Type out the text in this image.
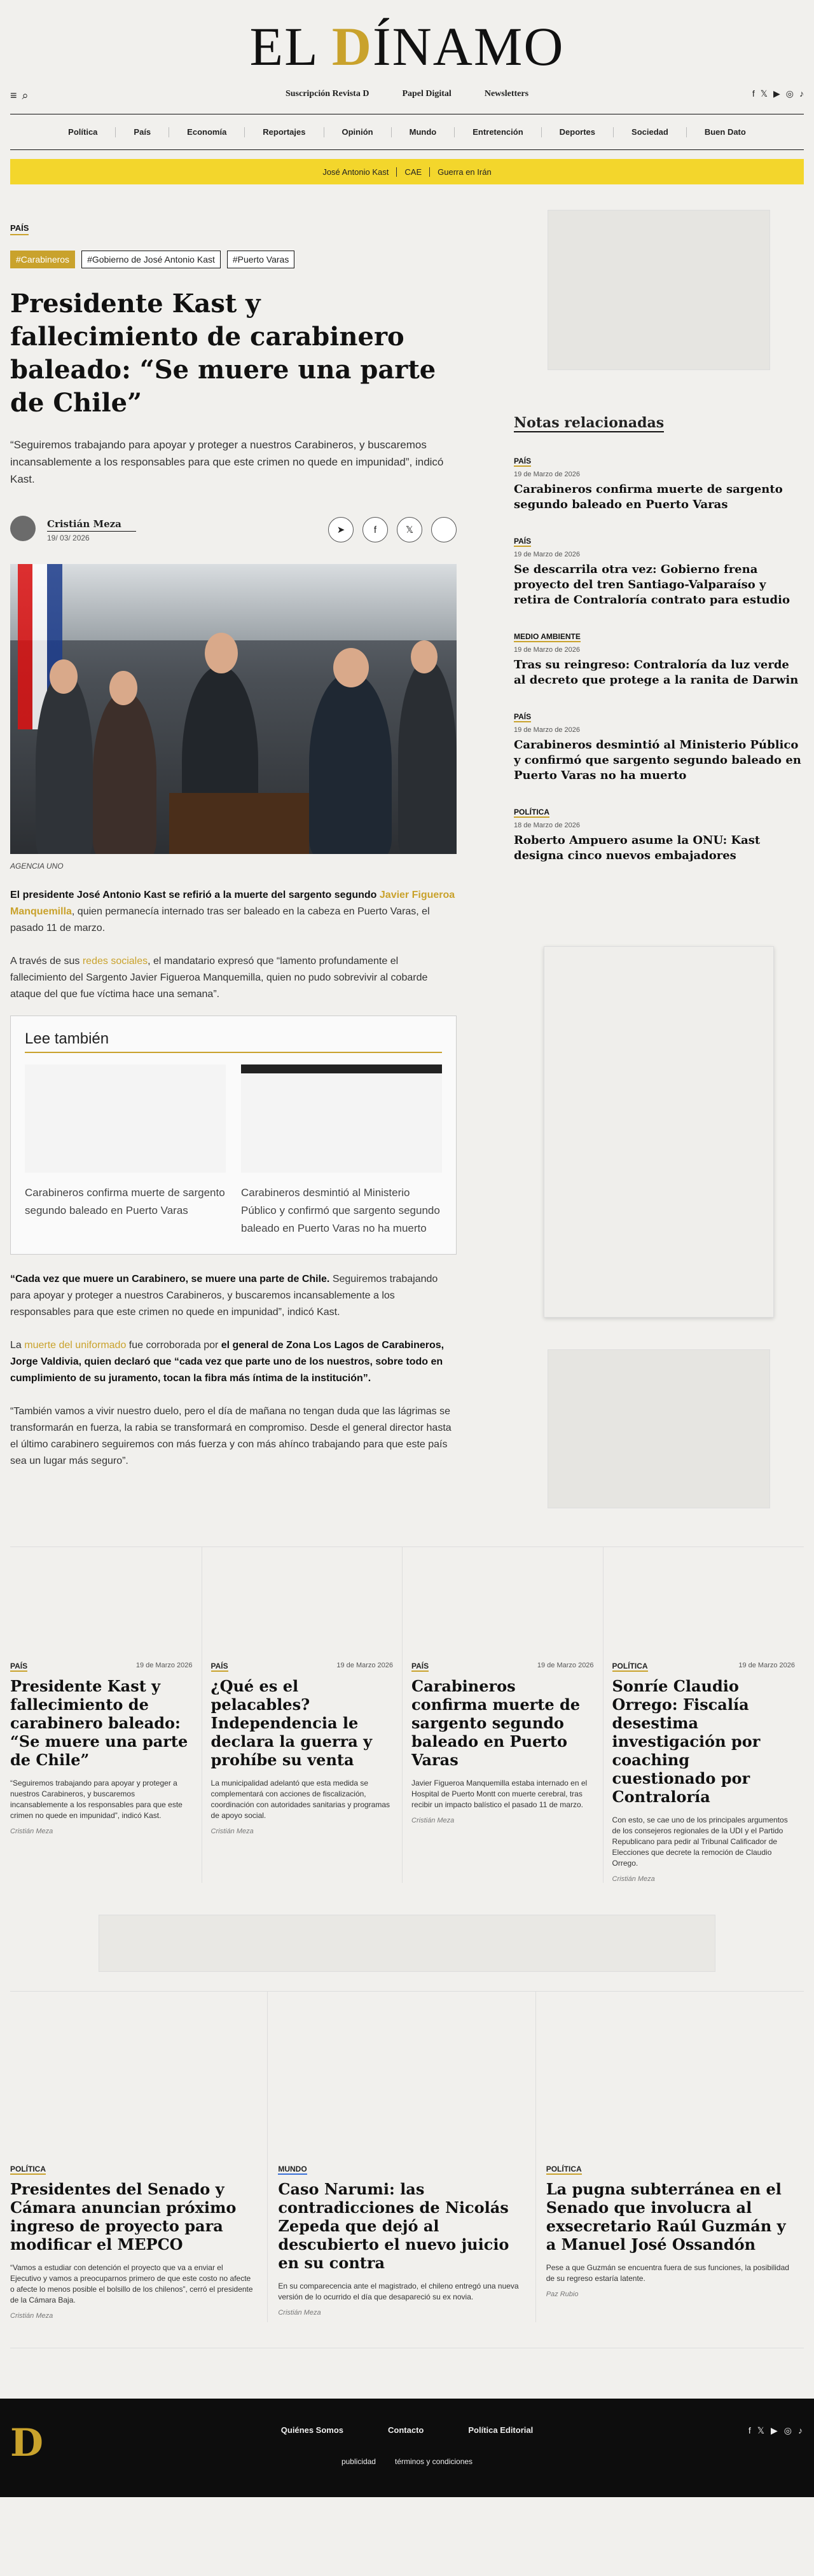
EL DÍNAMO
≡ ⌕	Suscripción Revista D	Papel Digital	Newsletters	f 𝕏 ▶ ◎ ♪
Política	País	Economía	Reportajes	Opinión	Mundo	Entretención	Deportes	Sociedad	Buen Dato
José Antonio Kast	CAE	Guerra en Irán
PAÍS
#Carabineros	#Gobierno de José Antonio Kast	#Puerto Varas
Presidente Kast y fallecimiento de carabinero baleado: “Se muere una parte de Chile”

“Seguiremos trabajando para apoyar y proteger a nuestros Carabineros, y buscaremos incansablemente a los responsables para que este crimen no quede en impunidad”, indicó Kast.

Cristián Meza
19/ 03/ 2026
➤	f	𝕏
AGENCIA UNO

El presidente José Antonio Kast se refirió a la muerte del sargento segundo Javier Figueroa Manquemilla, quien permanecía internado tras ser baleado en la cabeza en Puerto Varas, el pasado 11 de marzo.

A través de sus redes sociales, el mandatario expresó que “lamento profundamente el fallecimiento del Sargento Javier Figueroa Manquemilla, quien no pudo sobrevivir al cobarde ataque del que fue víctima hace una semana”.

Lee también

Carabineros confirma muerte de sargento segundo baleado en Puerto Varas

Carabineros desmintió al Ministerio Público y confirmó que sargento segundo baleado en Puerto Varas no ha muerto

“Cada vez que muere un Carabinero, se muere una parte de Chile. Seguiremos trabajando para apoyar y proteger a nuestros Carabineros, y buscaremos incansablemente a los responsables para que este crimen no quede en impunidad”, indicó Kast.

La muerte del uniformado fue corroborada por el general de Zona Los Lagos de Carabineros, Jorge Valdivia, quien declaró que “cada vez que parte uno de los nuestros, sobre todo en cumplimiento de su juramento, tocan la fibra más íntima de la institución”.

“También vamos a vivir nuestro duelo, pero el día de mañana no tengan duda que las lágrimas se transformarán en fuerza, la rabia se transformará en compromiso. Desde el general director hasta el último carabinero seguiremos con más fuerza y con más ahínco trabajando para que este país sea un lugar más seguro”.

Notas relacionadas
PAÍS
19 de Marzo de 2026
Carabineros confirma muerte de sargento segundo baleado en Puerto Varas
PAÍS
19 de Marzo de 2026
Se descarrila otra vez: Gobierno frena proyecto del tren Santiago-Valparaíso y retira de Contraloría contrato para estudio
MEDIO AMBIENTE
19 de Marzo de 2026
Tras su reingreso: Contraloría da luz verde al decreto que protege a la ranita de Darwin
PAÍS
19 de Marzo de 2026
Carabineros desmintió al Ministerio Público y confirmó que sargento segundo baleado en Puerto Varas no ha muerto
POLÍTICA
18 de Marzo de 2026
Roberto Ampuero asume la ONU: Kast designa cinco nuevos embajadores
PAÍS	19 de Marzo 2026
Presidente Kast y fallecimiento de carabinero baleado: “Se muere una parte de Chile”

“Seguiremos trabajando para apoyar y proteger a nuestros Carabineros, y buscaremos incansablemente a los responsables para que este crimen no quede en impunidad”, indicó Kast.

Cristián Meza
PAÍS	19 de Marzo 2026
¿Qué es el pelacables? Independencia le declara la guerra y prohíbe su venta

La municipalidad adelantó que esta medida se complementará con acciones de fiscalización, coordinación con autoridades sanitarias y programas de apoyo social.

Cristián Meza
PAÍS	19 de Marzo 2026
Carabineros confirma muerte de sargento segundo baleado en Puerto Varas

Javier Figueroa Manquemilla estaba internado en el Hospital de Puerto Montt con muerte cerebral, tras recibir un impacto balístico el pasado 11 de marzo.

Cristián Meza
POLÍTICA	19 de Marzo 2026
Sonríe Claudio Orrego: Fiscalía desestima investigación por coaching cuestionado por Contraloría

Con esto, se cae uno de los principales argumentos de los consejeros regionales de la UDI y el Partido Republicano para pedir al Tribunal Calificador de Elecciones que decrete la remoción de Claudio Orrego.

Cristián Meza
POLÍTICA
Presidentes del Senado y Cámara anuncian próximo ingreso de proyecto para modificar el MEPCO

“Vamos a estudiar con detención el proyecto que va a enviar el Ejecutivo y vamos a preocuparnos primero de que este costo no afecte o afecte lo menos posible el bolsillo de los chilenos”, cerró el presidente de la Cámara Baja.

Cristián Meza
MUNDO
Caso Narumi: las contradicciones de Nicolás Zepeda que dejó al descubierto el nuevo juicio en su contra

En su comparecencia ante el magistrado, el chileno entregó una nueva versión de lo ocurrido el día que desapareció su ex novia.

Cristián Meza
POLÍTICA
La pugna subterránea en el Senado que involucra al exsecretario Raúl Guzmán y a Manuel José Ossandón

Pese a que Guzmán se encuentra fuera de sus funciones, la posibilidad de su regreso estaría latente.

Paz Rubio
D	Quiénes Somos	Contacto	Política Editorial
publicidad	términos y condiciones
f 𝕏 ▶ ◎ ♪
